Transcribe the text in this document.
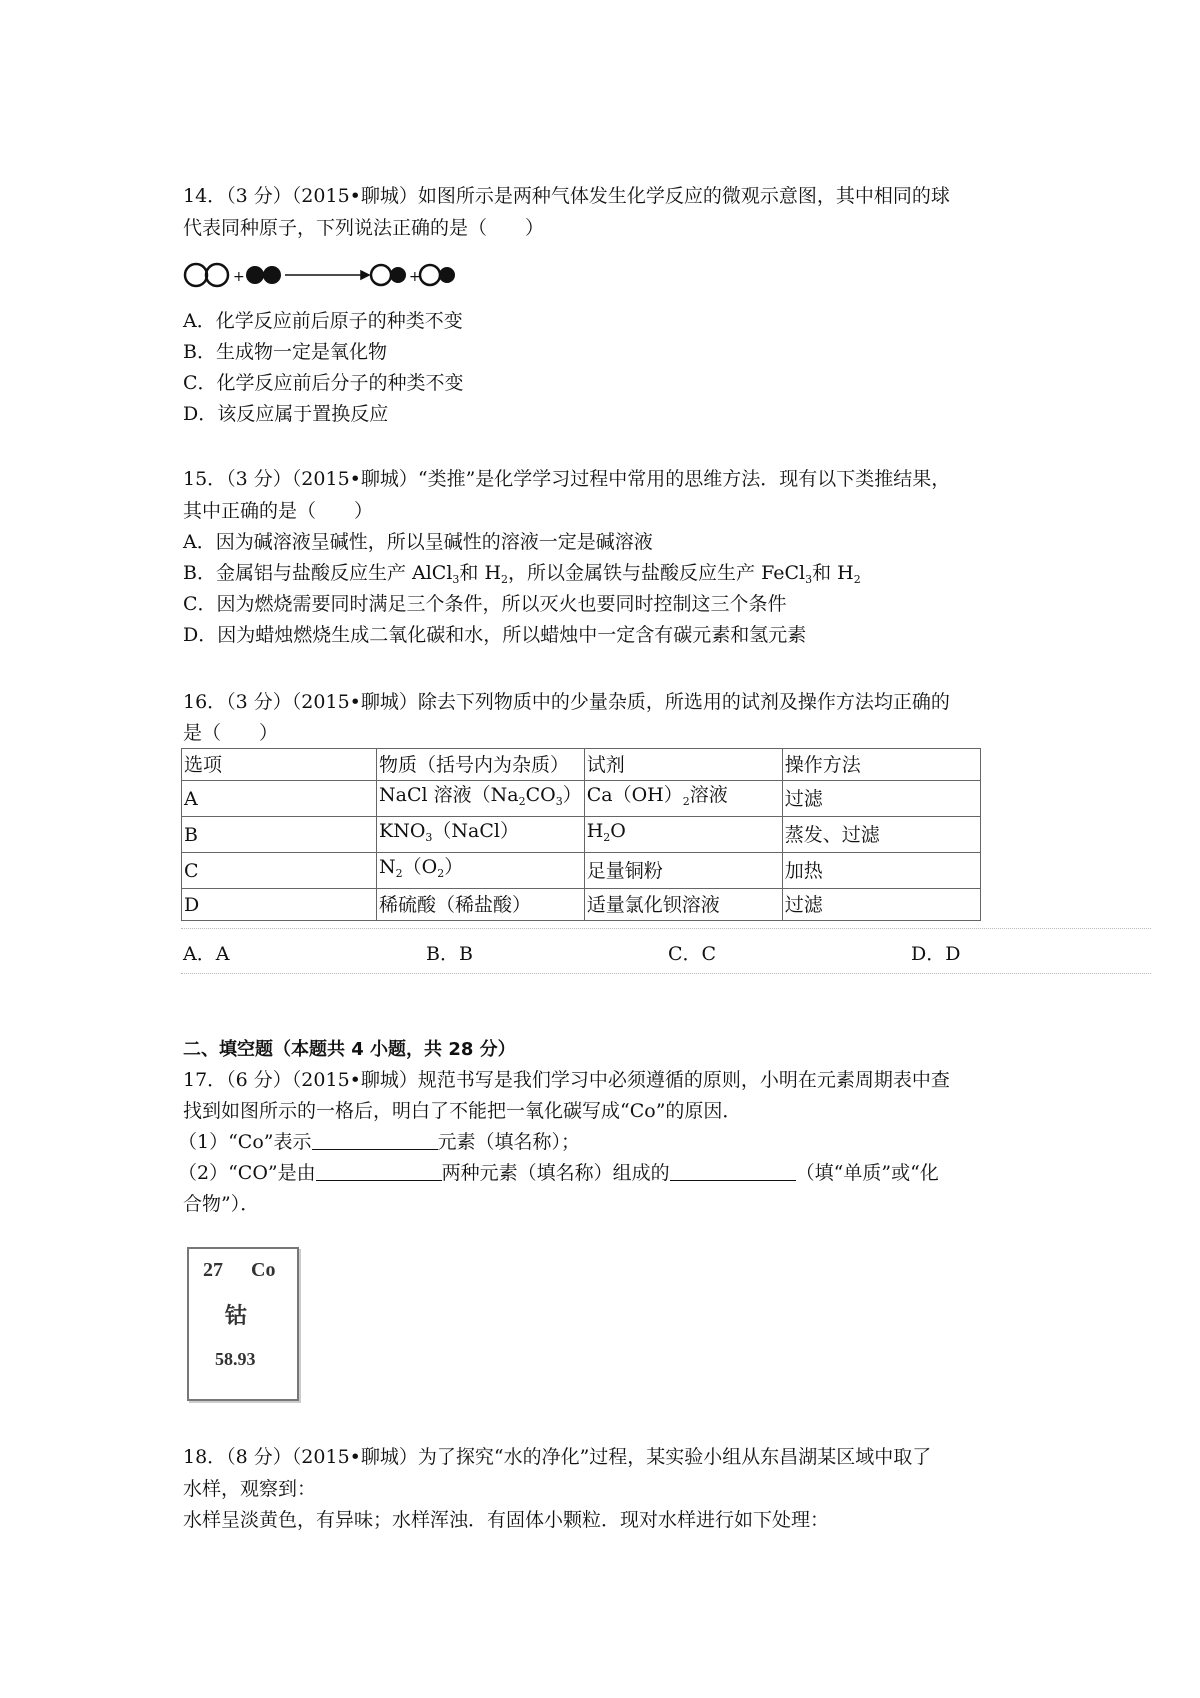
14．（3 分）（2015•聊城）如图所示是两种气体发生化学反应的微观示意图，其中相同的球
代表同种原子，下列说法正确的是（　　）
+	+
A．化学反应前后原子的种类不变
B．生成物一定是氧化物
C．化学反应前后分子的种类不变
D．该反应属于置换反应
15．（3 分）（2015•聊城）“类推”是化学学习过程中常用的思维方法．现有以下类推结果，
其中正确的是（　　）
A．因为碱溶液呈碱性，所以呈碱性的溶液一定是碱溶液
B．金属铝与盐酸反应生产 AlCl$_3$和 $H_2$，所以金属铁与盐酸反应生产 FeCl$_3$和 $H_2$
C．因为燃烧需要同时满足三个条件，所以灭火也要同时控制这三个条件
D．因为蜡烛燃烧生成二氧化碳和水，所以蜡烛中一定含有碳元素和氢元素
16．（3 分）（2015•聊城）除去下列物质中的少量杂质，所选用的试剂及操作方法均正确的
是（　　）
选项	物质（括号内为杂质）	试剂	操作方法
A	NaCl 溶液$(Na_2CO_3)$	$Ca(OH)_2$溶液	过滤
B	$KNO_3(NaCl)$	$H_2O$	蒸发、过滤
C	$N_2(O_2)$	足量铜粉	加热
D	稀硫酸（稀盐酸）	适量氯化钡溶液	过滤
A．A	B．B	C．C	D．D
二、填空题（本题共 4 小题，共 28 分）
17．（6 分）（2015•聊城）规范书写是我们学习中必须遵循的原则，小明在元素周期表中查
找到如图所示的一格后，明白了不能把一氧化碳写成“Co”的原因．
（1）“Co”表示	元素（填名称）；
（2）“CO”是由	两种元素（填名称）组成的	（填“单质”或“化
合物”）．
27 Co
钴
58.93
18．（8 分）（2015•聊城）为了探究“水的净化”过程，某实验小组从东昌湖某区域中取了
水样，观察到：
水样呈淡黄色，有异味；水样浑浊．有固体小颗粒．现对水样进行如下处理：
